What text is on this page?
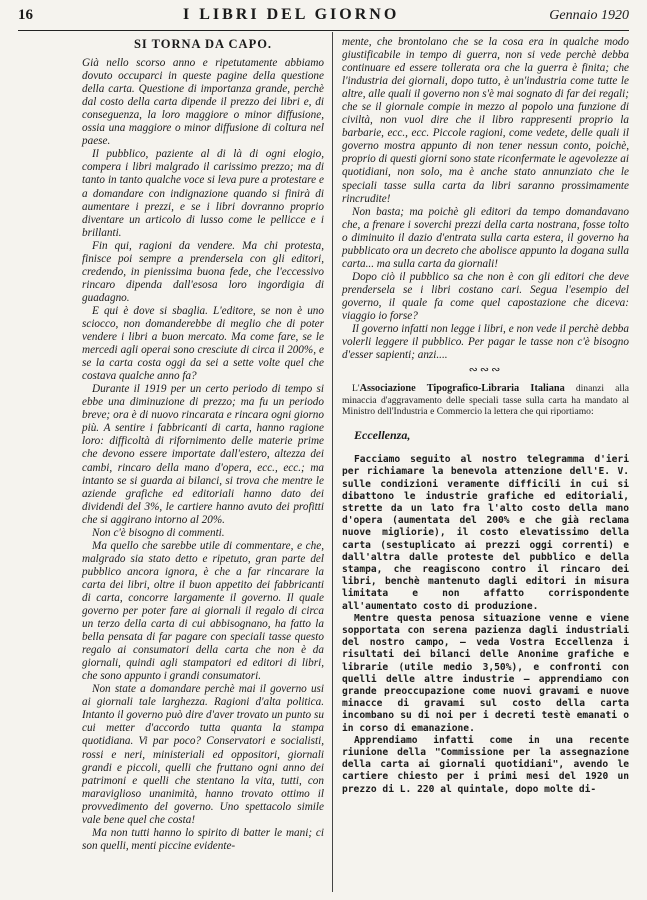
16	I LIBRI DEL GIORNO	Gennaio 1920
SI TORNA DA CAPO.

Già nello scorso anno e ripetutamente abbiamo dovuto occuparci in queste pagine della questione della carta. Questione di importanza grande, perchè dal costo della carta dipende il prezzo dei libri e, di conseguenza, la loro maggiore o minor diffusione, ossia una maggiore o minor diffusione di coltura nel paese.

Il pubblico, paziente al di là di ogni elogio, compera i libri malgrado il carissimo prezzo; ma di tanto in tanto qualche voce si leva pure a protestare e a domandare con indignazione quando si finirà di aumentare i prezzi, e se i libri dovranno proprio diventare un articolo di lusso come le pellicce e i brillanti.

Fin qui, ragioni da vendere. Ma chi protesta, finisce poi sempre a prendersela con gli editori, credendo, in pienissima buona fede, che l'eccessivo rincaro dipenda dall'esosa loro ingordigia di guadagno.

E qui è dove si sbaglia. L'editore, se non è uno sciocco, non domanderebbe di meglio che di poter vendere i libri a buon mercato. Ma come fare, se le mercedi agli operai sono cresciute di circa il 200%, e se la carta costa oggi da sei a sette volte quel che costava qualche anno fa?

Durante il 1919 per un certo periodo di tempo si ebbe una diminuzione di prezzo; ma fu un periodo breve; ora è di nuovo rincarata e rincara ogni giorno più. A sentire i fabbricanti di carta, hanno ragione loro: difficoltà di rifornimento delle materie prime che devono essere importate dall'estero, altezza dei cambi, rincaro della mano d'opera, ecc., ecc.; ma intanto se si guarda ai bilanci, si trova che mentre le aziende grafiche ed editoriali hanno dato dei dividendi del 3%, le cartiere hanno avuto dei profitti che si aggirano intorno al 20%.

Non c'è bisogno di commenti.

Ma quello che sarebbe utile di commentare, e che, malgrado sia stato detto e ripetuto, gran parte del pubblico ancora ignora, è che a far rincarare la carta dei libri, oltre il buon appetito dei fabbricanti di carta, concorre largamente il governo. Il quale governo per poter fare ai giornali il regalo di circa un terzo della carta di cui abbisognano, ha fatto la bella pensata di far pagare con speciali tasse questo regalo ai consumatori della carta che non è da giornali, quindi agli stampatori ed editori di libri, che sono appunto i grandi consumatori.

Non state a domandare perchè mai il governo usi ai giornali tale larghezza. Ragioni d'alta politica. Intanto il governo può dire d'aver trovato un punto su cui metter d'accordo tutta quanta la stampa quotidiana. Vi par poco? Conservatori e socialisti, rossi e neri, ministeriali ed oppositori, giornali grandi e piccoli, quelli che fruttano ogni anno dei patrimoni e quelli che stentano la vita, tutti, con maraviglioso unanimità, hanno trovato ottimo il provvedimento del governo. Uno spettacolo simile vale bene quel che costa!

Ma non tutti hanno lo spirito di batter le mani; ci son quelli, menti piccine evidente-

mente, che brontolano che se la cosa era in qualche modo giustificabile in tempo di guerra, non si vede perchè debba continuare ed essere tollerata ora che la guerra è finita; che l'industria dei giornali, dopo tutto, è un'industria come tutte le altre, alle quali il governo non s'è mai sognato di far dei regali; che se il giornale compie in mezzo al popolo una funzione di civiltà, non vuol dire che il libro rappresenti proprio la barbarie, ecc., ecc. Piccole ragioni, come vedete, delle quali il governo mostra appunto di non tener nessun conto, poichè, proprio di questi giorni sono state riconfermate le agevolezze ai quotidiani, non solo, ma è anche stato annunziato che le speciali tasse sulla carta da libri saranno prossimamente rincrudite!

Non basta; ma poichè gli editori da tempo domandavano che, a frenare i soverchi prezzi della carta nostrana, fosse tolto o diminuito il dazio d'entrata sulla carta estera, il governo ha pubblicato ora un decreto che abolisce appunto la dogana sulla carta... ma sulla carta da giornali!

Dopo ciò il pubblico sa che non è con gli editori che deve prendersela se i libri costano cari. Segua l'esempio del governo, il quale fa come quel capostazione che diceva: viaggio io forse?

Il governo infatti non legge i libri, e non vede il perchè debba volerli leggere il pubblico. Per pagar le tasse non c'è bisogno d'esser sapienti; anzi....

∾∾∾
L'Associazione Tipografico-Libraria Italiana dinanzi alla minaccia d'aggravamento delle speciali tasse sulla carta ha mandato al Ministro dell'Industria e Commercio la lettera che qui riportiamo:
Eccellenza,

Facciamo seguito al nostro telegramma d'ieri per richiamare la benevola attenzione dell'E. V. sulle condizioni veramente difficili in cui si dibattono le industrie grafiche ed editoriali, strette da un lato fra l'alto costo della mano d'opera (aumentata del 200% e che già reclama nuove migliorie), il costo elevatissimo della carta (sestuplicato ai prezzi oggi correnti) e dall'altra dalle proteste del pubblico e della stampa, che reagiscono contro il rincaro dei libri, benchè mantenuto dagli editori in misura limitata e non affatto corrispondente all'aumentato costo di produzione.

Mentre questa penosa situazione venne e viene sopportata con serena pazienza dagli industriali del nostro campo, — veda Vostra Eccellenza i risultati dei bilanci delle Anonime grafiche e librarie (utile medio 3,50%), e confronti con quelli delle altre industrie — apprendiamo con grande preoccupazione come nuovi gravami e nuove minacce di gravami sul costo della carta incombano su di noi per i decreti testè emanati o in corso di emanazione.

Apprendiamo infatti come in una recente riunione della "Commissione per la assegnazione della carta ai giornali quotidiani", avendo le cartiere chiesto per i primi mesi del 1920 un prezzo di L. 220 al quintale, dopo molte di-
